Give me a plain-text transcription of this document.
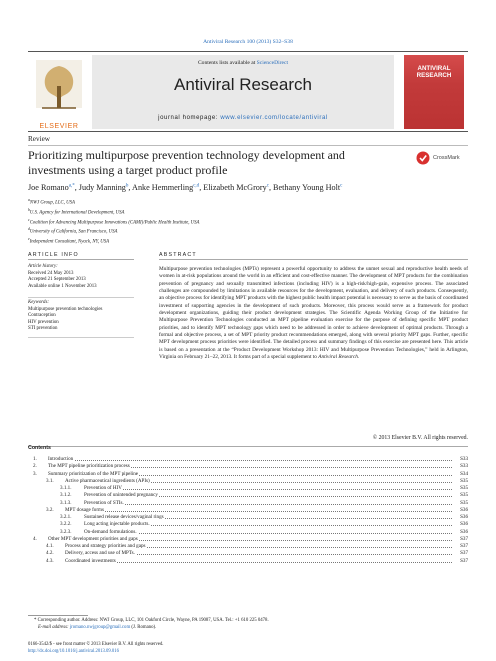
Antiviral Research 100 (2013) S32–S38
Contents lists available at ScienceDirect
Antiviral Research
journal homepage: www.elsevier.com/locate/antiviral
ELSEVIER
ANTIVIRAL RESEARCH
Review
Prioritizing multipurpose prevention technology development and investments using a target product profile
CrossMark
Joe Romano$^{a,*}$, Judy Manning$^b$, Anke Hemmerling$^{c,d}$, Elizabeth McGrory$^c$, Bethany Young Holt$^c$
$^a$NWJ Group, LLC, USA
$^b$U.S. Agency for International Development, USA
$^c$Coalition for Advancing Multipurpose Innovations (CAMI)/Public Health Institute, USA
$^d$University of California, San Francisco, USA
$^e$Independent Consultant, Nyack, NY, USA
ARTICLE INFO	ABSTRACT
Article history:
Received 24 May 2013
Accepted 21 September 2013
Available online 1 November 2013
Keywords:
Multipurpose prevention technologies
Contraception
HIV prevention
STI prevention
Multipurpose prevention technologies (MPTs) represent a powerful opportunity to address the unmet sexual and reproductive health needs of women in at-risk populations around the world in an efficient and cost-effective manner. The development of MPT products for the combination prevention of pregnancy and sexually transmitted infections (including HIV) is a high-risk/high-gain, expensive process. The associated challenges are compounded by limitations in available resources for the development, evaluation, and delivery of such products. Consequently, an objective process for identifying MPT products with the highest public health impact potential is necessary to serve as the basis of coordinated investment of supporting agencies in the development of such products. Moreover, this process would serve as a framework for product development organizations, guiding their product development strategies. The Scientific Agenda Working Group of the Initiative for Multipurpose Prevention Technologies conducted an MPT pipeline evaluation exercise for the purpose of defining specific MPT product priorities, and to identify MPT technology gaps which need to be addressed in order to achieve development of optimal products. Through a formal and objective process, a set of MPT priority product recommendations emerged, along with several priority MPT gaps. Further, specific MPT development process priorities were identified. The detailed process and summary findings of this exercise are presented here. This article is based on a presentation at the “Product Development Workshop 2013: HIV and Multipurpose Prevention Technologies,” held in Arlington, Virginia on February 21–22, 2013. It forms part of a special supplement to Antiviral Research.
© 2013 Elsevier B.V. All rights reserved.
Contents
1. Introduction	S33
2. The MPT pipeline prioritization process	S33
3. Summary prioritization of the MPT pipeline	S34
3.1. Active pharmaceutical ingredients (APIs)	S35
3.1.1. Prevention of HIV	S35
3.1.2. Prevention of unintended pregnancy	S35
3.1.3. Prevention of STIs.	S35
3.2. MPT dosage forms	S36
3.2.1. Sustained release devices/vaginal rings	S36
3.2.2. Long acting injectable products.	S36
3.2.3. On-demand formulations.	S36
4. Other MPT development priorities and gaps	S37
4.1. Process and strategy priorities and gaps	S37
4.2. Delivery, access and use of MPTs.	S37
4.3. Coordinated investments	S37
* Corresponding author. Address: NWJ Group, LLC, 101 Oakford Circle, Wayne, PA 19087, USA. Tel.: +1 610 225 0478.
E-mail address: jromano.nwjgroup@gmail.com (J. Romano).
0166-3542/$ - see front matter © 2013 Elsevier B.V. All rights reserved.
http://dx.doi.org/10.1016/j.antiviral.2013.09.016
